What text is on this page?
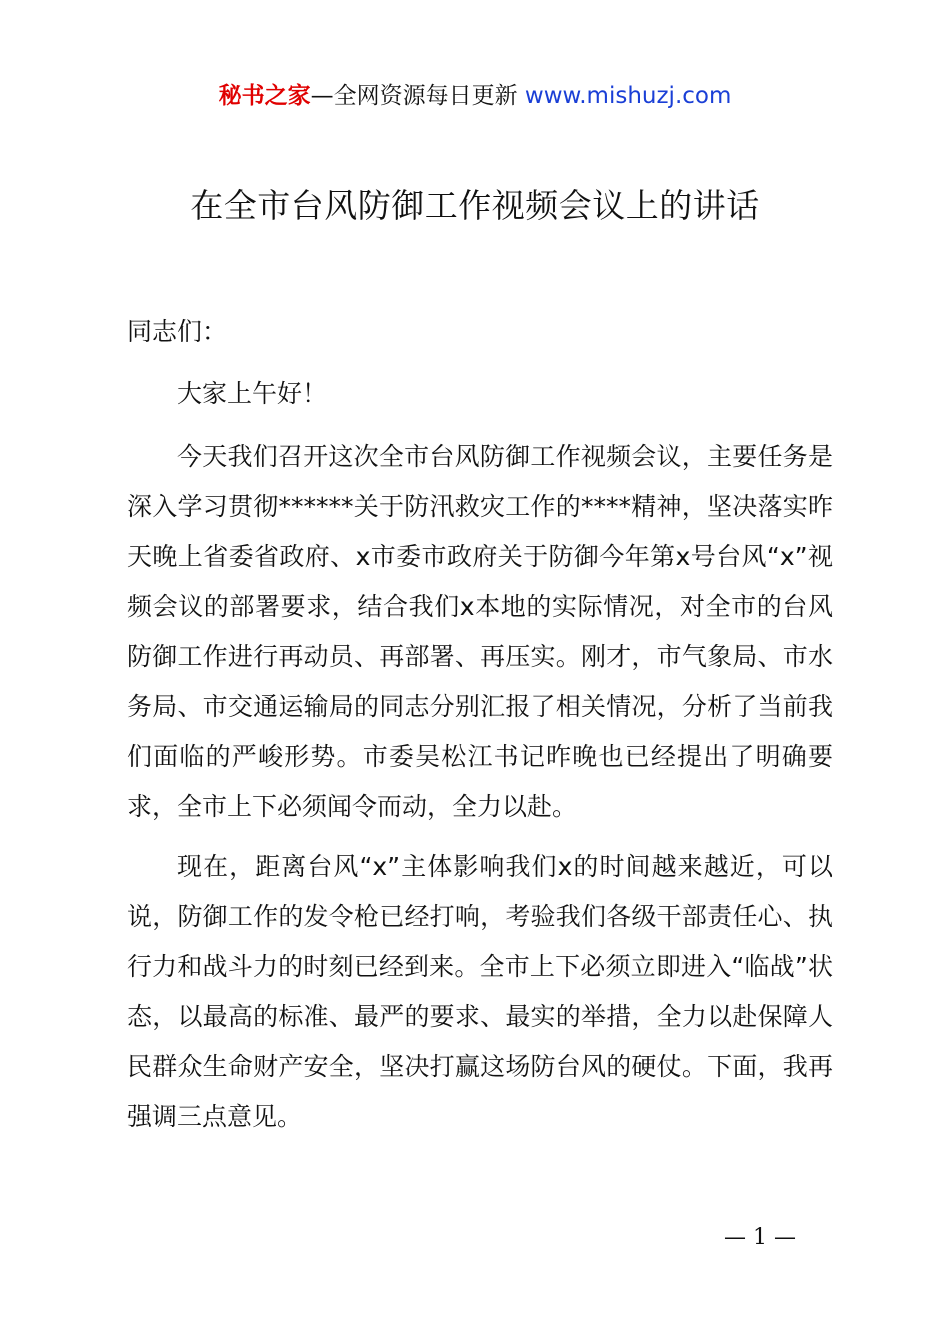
秘书之家—全网资源每日更新 www.mishuzj.com
在全市台风防御工作视频会议上的讲话
同志们：
大家上午好！
今天我们召开这次全市台风防御工作视频会议，主要任务是深入学习贯彻******关于防汛救灾工作的****精神，坚决落实昨天晚上省委省政府、x市委市政府关于防御今年第x号台风“x”视频会议的部署要求，结合我们x本地的实际情况，对全市的台风防御工作进行再动员、再部署、再压实。刚才，市气象局、市水务局、市交通运输局的同志分别汇报了相关情况，分析了当前我们面临的严峻形势。市委吴松江书记昨晚也已经提出了明确要求，全市上下必须闻令而动，全力以赴。
现在，距离台风“x”主体影响我们x的时间越来越近，可以说，防御工作的发令枪已经打响，考验我们各级干部责任心、执行力和战斗力的时刻已经到来。全市上下必须立即进入“临战”状态，以最高的标准、最严的要求、最实的举措，全力以赴保障人民群众生命财产安全，坚决打赢这场防台风的硬仗。下面，我再强调三点意见。
— 1 —
